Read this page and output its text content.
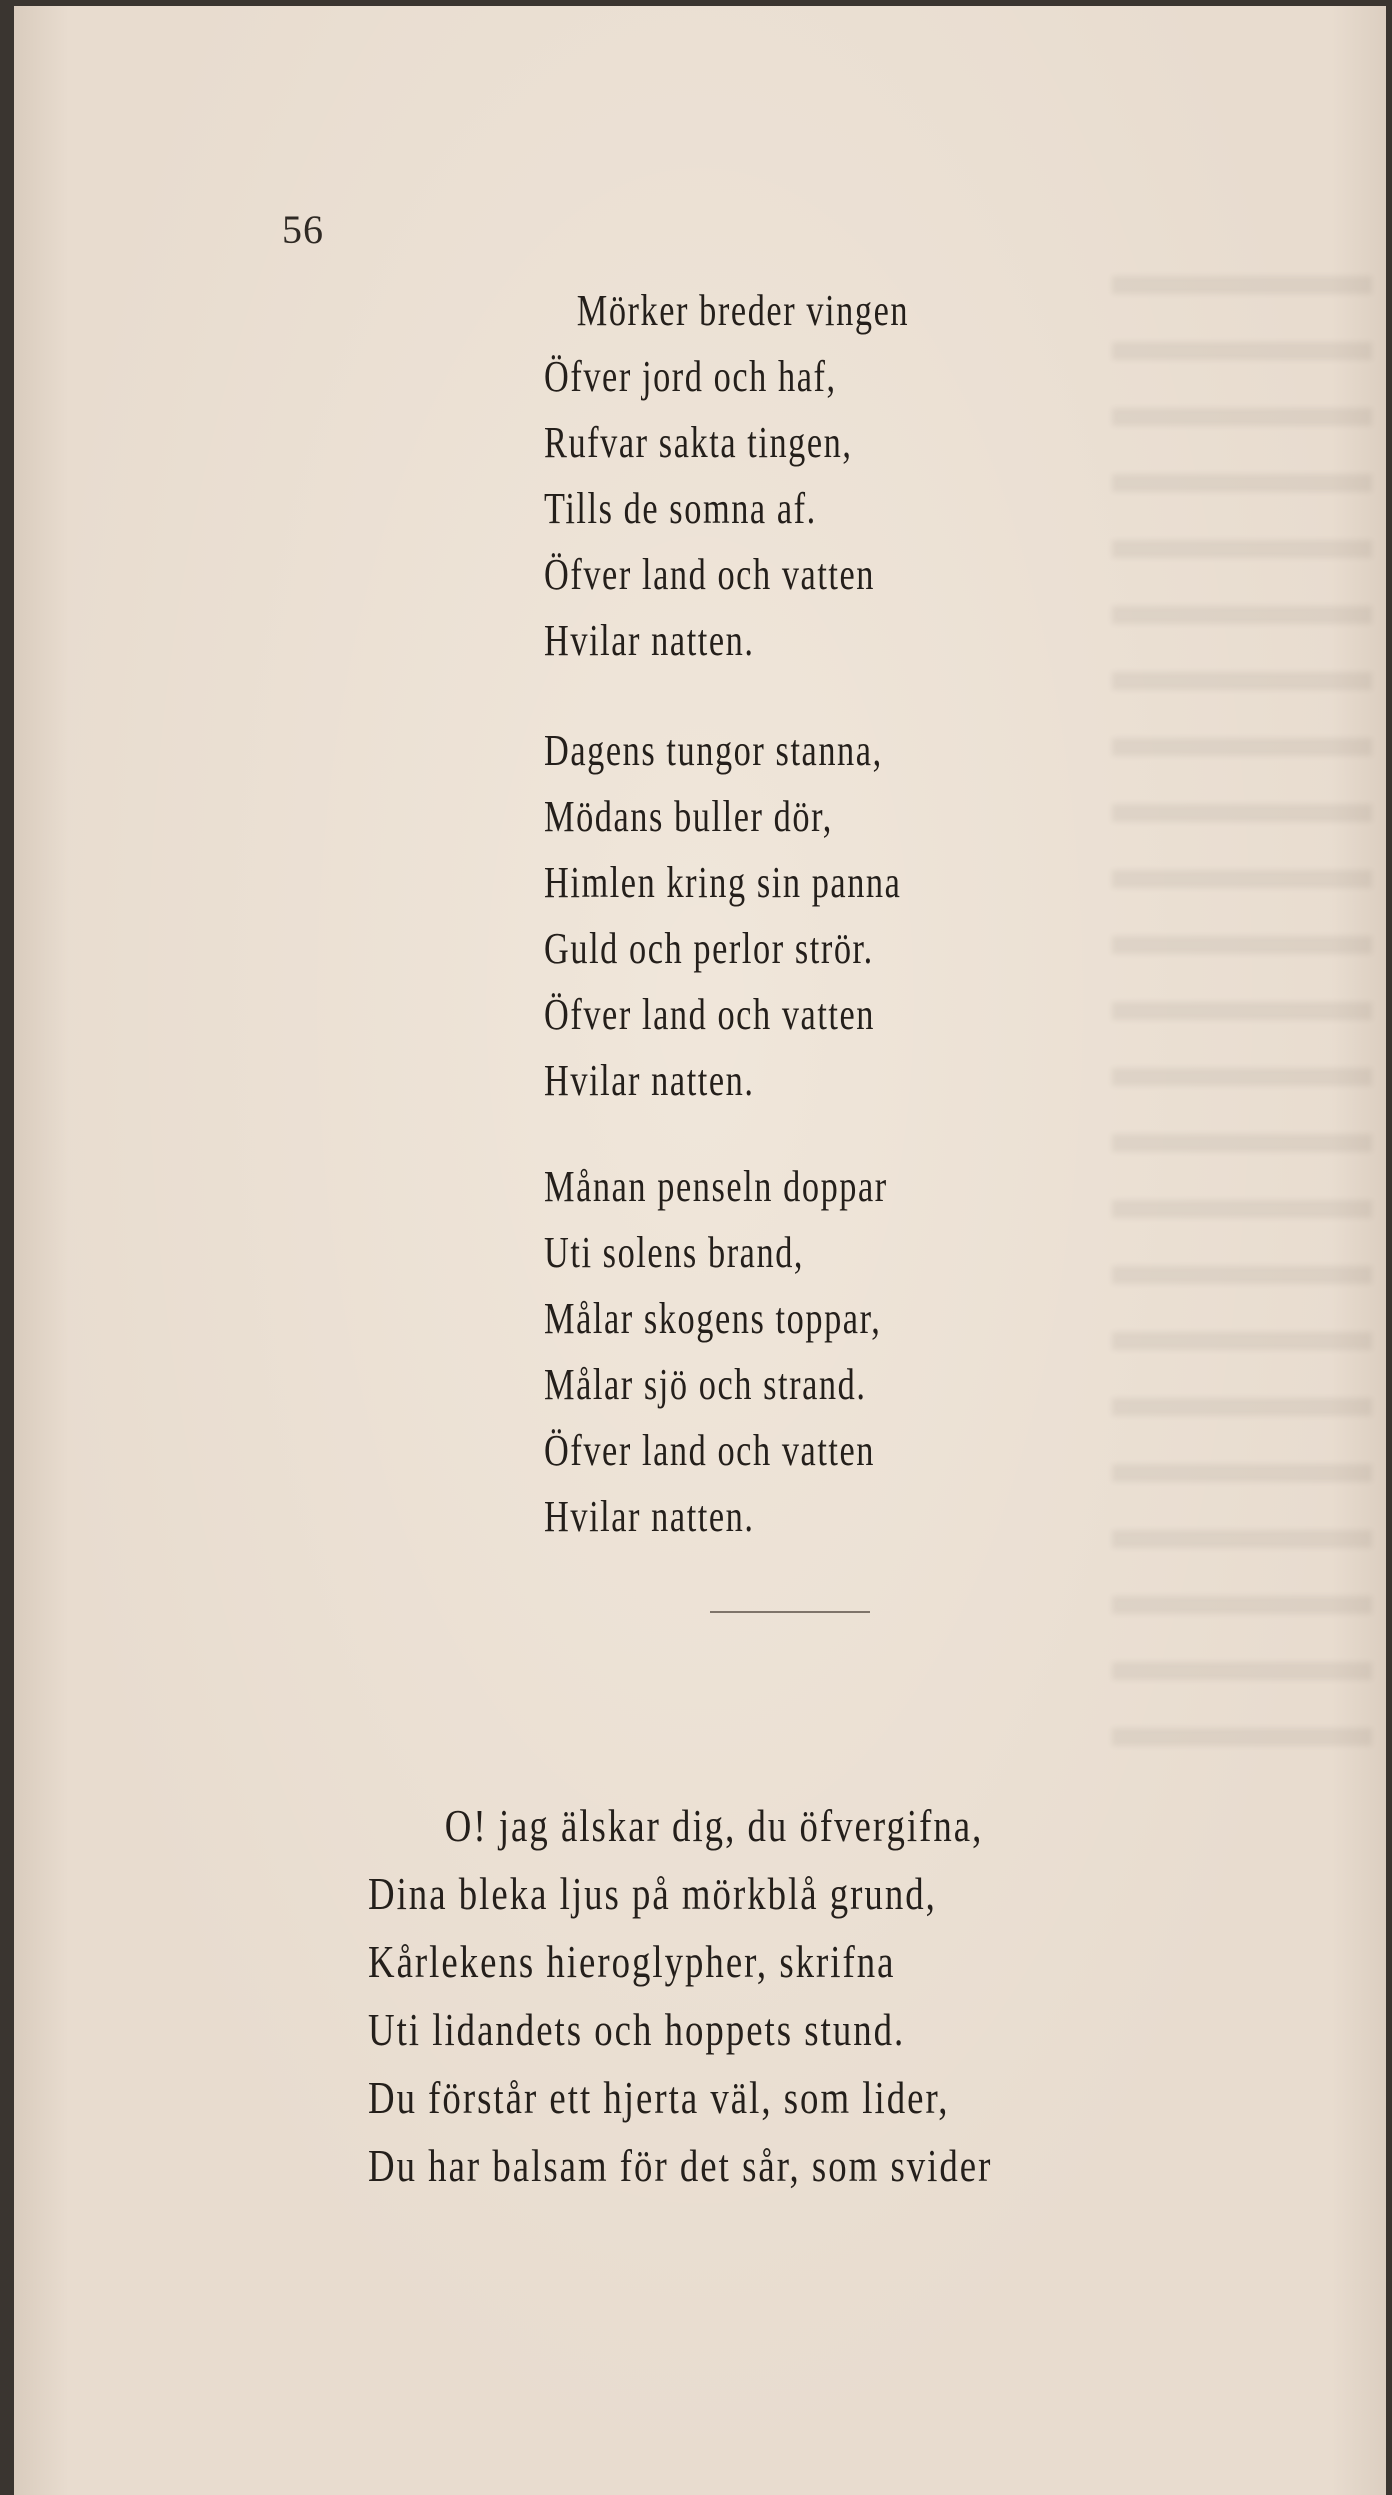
56
Mörker breder vingen
Öfver jord och haf,
Rufvar sakta tingen,
Tills de somna af.
Öfver land och vatten
Hvilar natten.
Dagens tungor stanna,
Mödans buller dör,
Himlen kring sin panna
Guld och perlor strör.
Öfver land och vatten
Hvilar natten.
Månan penseln doppar
Uti solens brand,
Målar skogens toppar,
Målar sjö och strand.
Öfver land och vatten
Hvilar natten.
O! jag älskar dig, du öfvergifna,
Dina bleka ljus på mörkblå grund,
Kårlekens hieroglypher, skrifna
Uti lidandets och hoppets stund.
Du förstår ett hjerta väl, som lider,
Du har balsam för det sår, som svider
